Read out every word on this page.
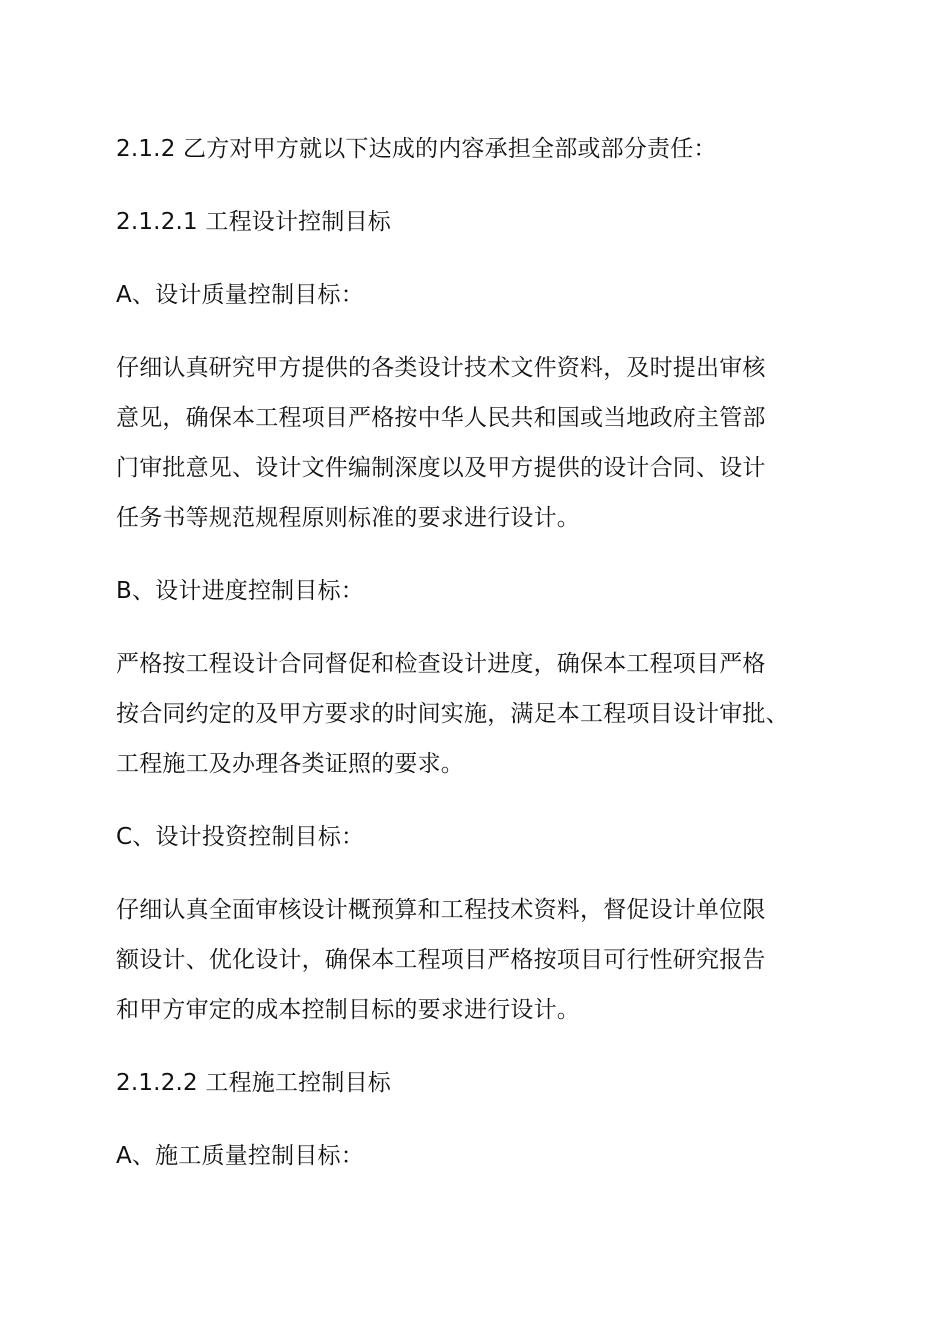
2.1.2 乙方对甲方就以下达成的内容承担全部或部分责任：

2.1.2.1 工程设计控制目标

A、设计质量控制目标：

仔细认真研究甲方提供的各类设计技术文件资料，及时提出审核

意见，确保本工程项目严格按中华人民共和国或当地政府主管部

门审批意见、设计文件编制深度以及甲方提供的设计合同、设计

任务书等规范规程原则标准的要求进行设计。

B、设计进度控制目标：

严格按工程设计合同督促和检查设计进度，确保本工程项目严格

按合同约定的及甲方要求的时间实施，满足本工程项目设计审批、

工程施工及办理各类证照的要求。

C、设计投资控制目标：

仔细认真全面审核设计概预算和工程技术资料，督促设计单位限

额设计、优化设计，确保本工程项目严格按项目可行性研究报告

和甲方审定的成本控制目标的要求进行设计。

2.1.2.2 工程施工控制目标

A、施工质量控制目标：
